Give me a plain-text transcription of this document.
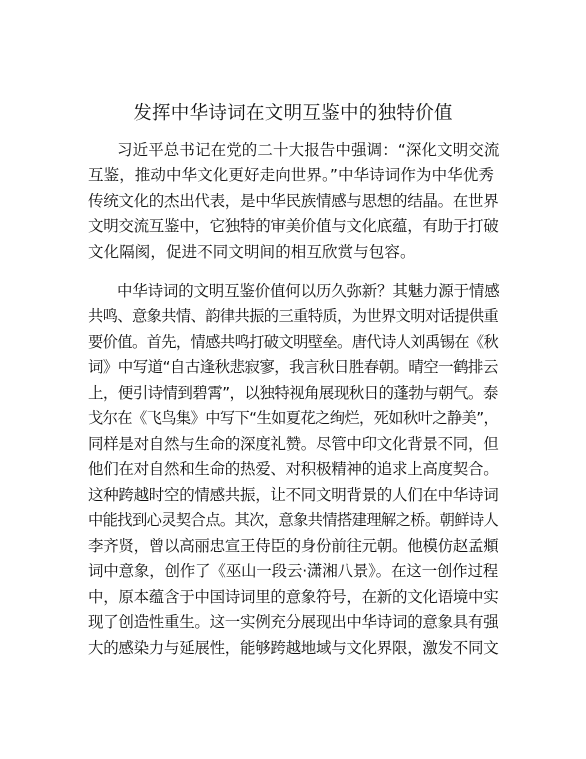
发挥中华诗词在文明互鉴中的独特价值
习近平总书记在党的二十大报告中强调：“深化文明交流
互鉴，推动中华文化更好走向世界。”中华诗词作为中华优秀
传统文化的杰出代表，是中华民族情感与思想的结晶。在世界
文明交流互鉴中，它独特的审美价值与文化底蕴，有助于打破
文化隔阂，促进不同文明间的相互欣赏与包容。
中华诗词的文明互鉴价值何以历久弥新？其魅力源于情感
共鸣、意象共情、韵律共振的三重特质，为世界文明对话提供重
要价值。首先，情感共鸣打破文明壁垒。唐代诗人刘禹锡在《秋
词》中写道“自古逢秋悲寂寥，我言秋日胜春朝。晴空一鹤排云
上，便引诗情到碧霄”，以独特视角展现秋日的蓬勃与朝气。泰
戈尔在《飞鸟集》中写下“生如夏花之绚烂，死如秋叶之静美”，
同样是对自然与生命的深度礼赞。尽管中印文化背景不同，但
他们在对自然和生命的热爱、对积极精神的追求上高度契合。
这种跨越时空的情感共振，让不同文明背景的人们在中华诗词
中能找到心灵契合点。其次，意象共情搭建理解之桥。朝鲜诗人
李齐贤，曾以高丽忠宣王侍臣的身份前往元朝。他模仿赵孟頫
词中意象，创作了《巫山一段云·潇湘八景》。在这一创作过程
中，原本蕴含于中国诗词里的意象符号，在新的文化语境中实
现了创造性重生。这一实例充分展现出中华诗词的意象具有强
大的感染力与延展性，能够跨越地域与文化界限，激发不同文
